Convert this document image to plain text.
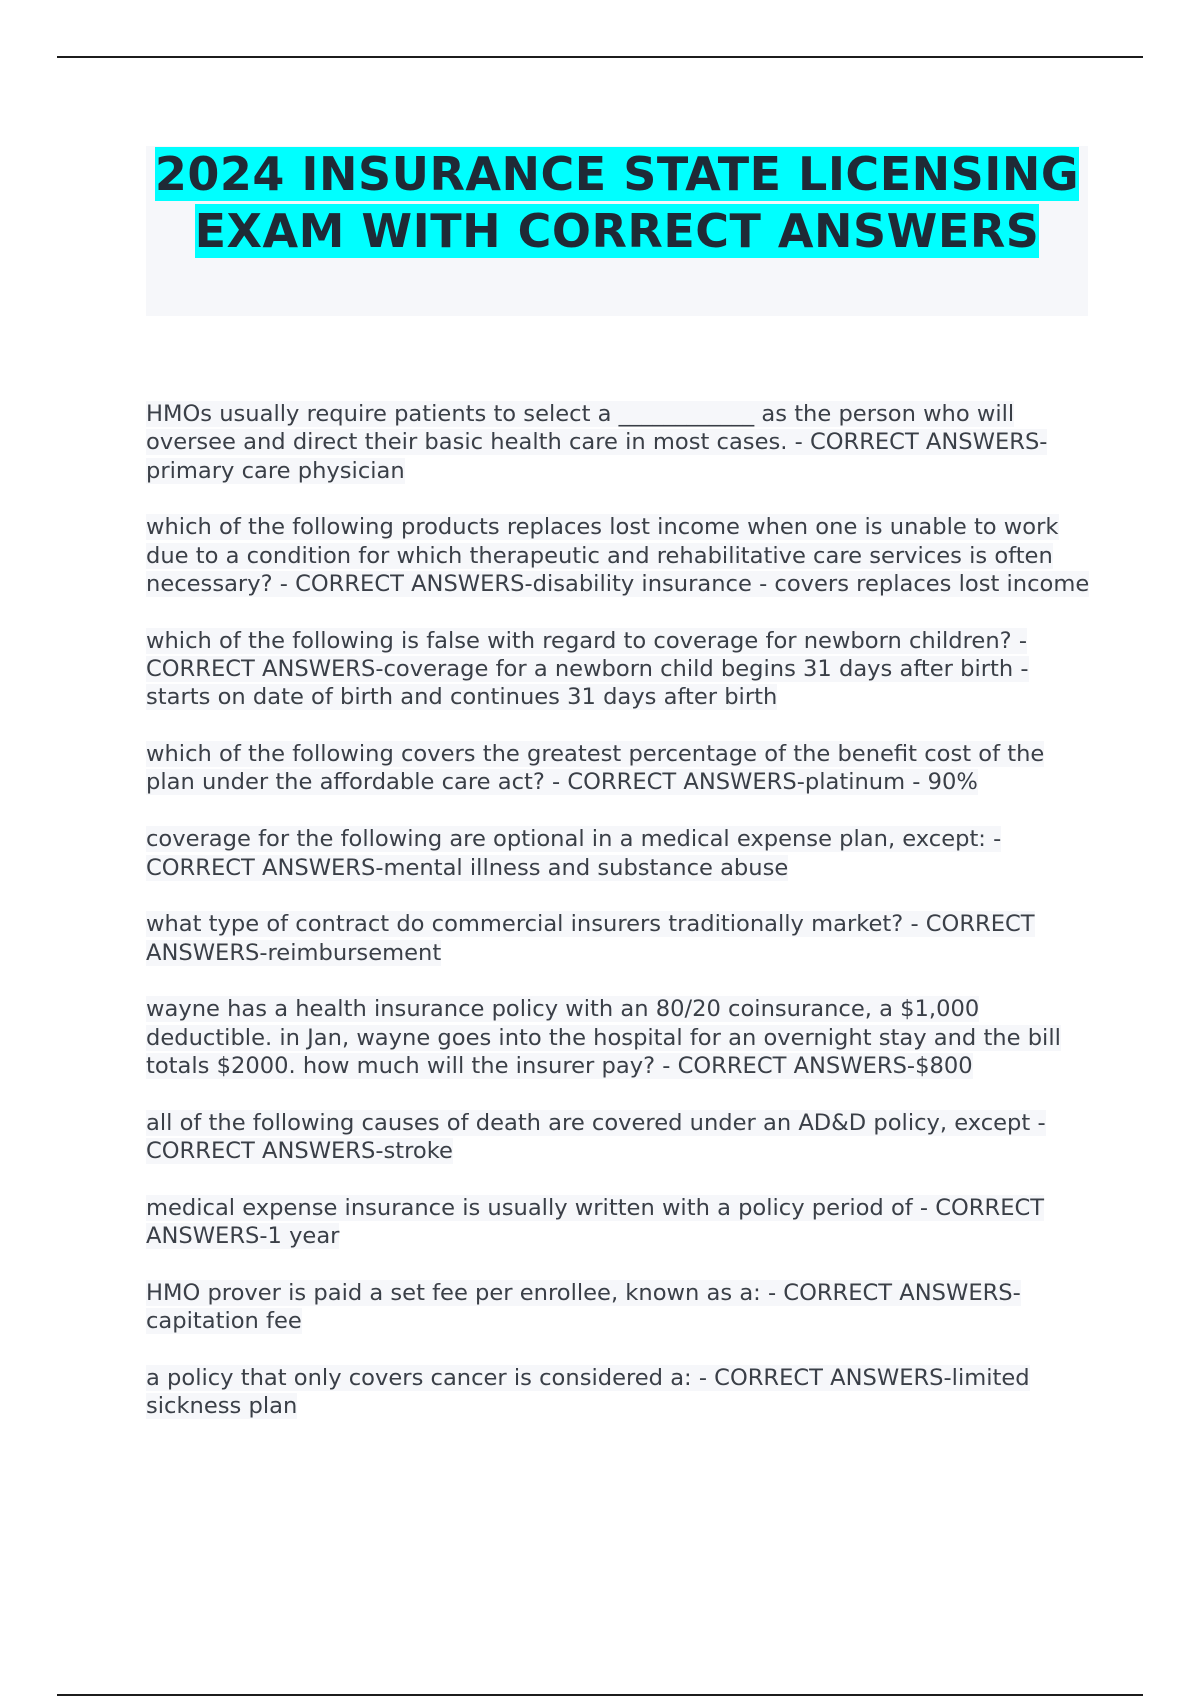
2024 INSURANCE STATE LICENSING EXAM WITH CORRECT ANSWERS
HMOs usually require patients to select a ____________ as the person who will oversee and direct their basic health care in most cases. - CORRECT ANSWERS-primary care physician
which of the following products replaces lost income when one is unable to work due to a condition for which therapeutic and rehabilitative care services is often necessary? - CORRECT ANSWERS-disability insurance - covers replaces lost income
which of the following is false with regard to coverage for newborn children? - CORRECT ANSWERS-coverage for a newborn child begins 31 days after birth - starts on date of birth and continues 31 days after birth
which of the following covers the greatest percentage of the benefit cost of the plan under the affordable care act? - CORRECT ANSWERS-platinum - 90%
coverage for the following are optional in a medical expense plan, except: - CORRECT ANSWERS-mental illness and substance abuse
what type of contract do commercial insurers traditionally market? - CORRECT ANSWERS-reimbursement
wayne has a health insurance policy with an 80/20 coinsurance, a $1,000 deductible. in Jan, wayne goes into the hospital for an overnight stay and the bill totals $2000. how much will the insurer pay? - CORRECT ANSWERS-$800
all of the following causes of death are covered under an AD&D policy, except - CORRECT ANSWERS-stroke
medical expense insurance is usually written with a policy period of - CORRECT ANSWERS-1 year
HMO prover is paid a set fee per enrollee, known as a: - CORRECT ANSWERS-capitation fee
a policy that only covers cancer is considered a: - CORRECT ANSWERS-limited sickness plan
